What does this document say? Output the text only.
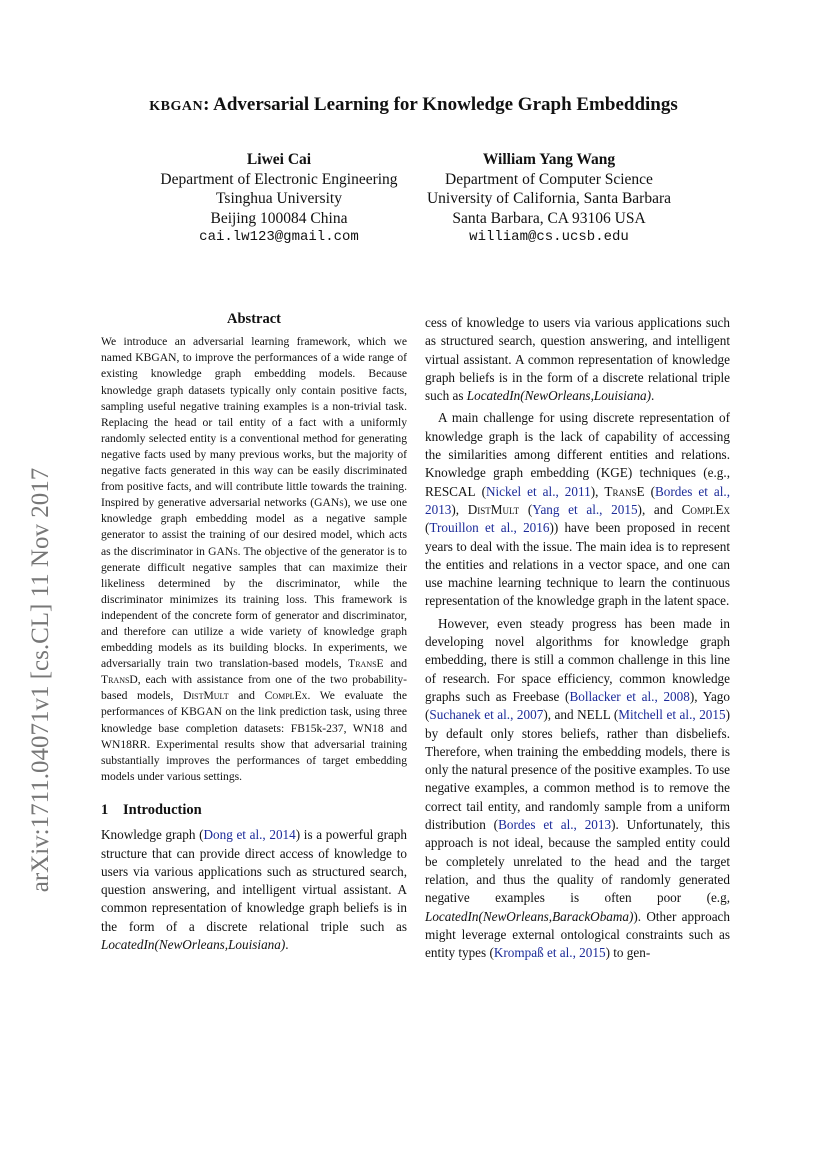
KBGAN: Adversarial Learning for Knowledge Graph Embeddings
Liwei Cai
Department of Electronic Engineering
Tsinghua University
Beijing 100084 China
cai.lw123@gmail.com
William Yang Wang
Department of Computer Science
University of California, Santa Barbara
Santa Barbara, CA 93106 USA
william@cs.ucsb.edu
arXiv:1711.04071v1 [cs.CL] 11 Nov 2017
Abstract

We introduce an adversarial learning framework, which we named KBGAN, to improve the performances of a wide range of existing knowledge graph embedding models. Because knowledge graph datasets typically only contain positive facts, sampling useful negative training examples is a non-trivial task. Replacing the head or tail entity of a fact with a uniformly randomly selected entity is a conventional method for generating negative facts used by many previous works, but the majority of negative facts generated in this way can be easily discriminated from positive facts, and will contribute little towards the training. Inspired by generative adversarial networks (GANs), we use one knowledge graph embedding model as a negative sample generator to assist the training of our desired model, which acts as the discriminator in GANs. The objective of the generator is to generate difficult negative samples that can maximize their likeliness determined by the discriminator, while the discriminator minimizes its training loss. This framework is independent of the concrete form of generator and discriminator, and therefore can utilize a wide variety of knowledge graph embedding models as its building blocks. In experiments, we adversarially train two translation-based models, TransE and TransD, each with assistance from one of the two probability-based models, DistMult and ComplEx. We evaluate the performances of KBGAN on the link prediction task, using three knowledge base completion datasets: FB15k-237, WN18 and WN18RR. Experimental results show that adversarial training substantially improves the performances of target embedding models under various settings.

1 Introduction

Knowledge graph (Dong et al., 2014) is a powerful graph structure that can provide direct access of knowledge to users via various applications such as structured search, question answering, and intelligent virtual assistant. A common representation of knowledge graph beliefs is in the form of a discrete relational triple such as LocatedIn(NewOrleans,Louisiana).

cess of knowledge to users via various applications such as structured search, question answering, and intelligent virtual assistant. A common representation of knowledge graph beliefs is in the form of a discrete relational triple such as LocatedIn(NewOrleans,Louisiana).

A main challenge for using discrete representation of knowledge graph is the lack of capability of accessing the similarities among different entities and relations. Knowledge graph embedding (KGE) techniques (e.g., RESCAL (Nickel et al., 2011), TransE (Bordes et al., 2013), DistMult (Yang et al., 2015), and ComplEx (Trouillon et al., 2016)) have been proposed in recent years to deal with the issue. The main idea is to represent the entities and relations in a vector space, and one can use machine learning technique to learn the continuous representation of the knowledge graph in the latent space.

However, even steady progress has been made in developing novel algorithms for knowledge graph embedding, there is still a common challenge in this line of research. For space efficiency, common knowledge graphs such as Freebase (Bollacker et al., 2008), Yago (Suchanek et al., 2007), and NELL (Mitchell et al., 2015) by default only stores beliefs, rather than disbeliefs. Therefore, when training the embedding models, there is only the natural presence of the positive examples. To use negative examples, a common method is to remove the correct tail entity, and randomly sample from a uniform distribution (Bordes et al., 2013). Unfortunately, this approach is not ideal, because the sampled entity could be completely unrelated to the head and the target relation, and thus the quality of randomly generated negative examples is often poor (e.g, LocatedIn(NewOrleans,BarackObama)). Other approach might leverage external ontological constraints such as entity types (Krompaß et al., 2015) to gen-
